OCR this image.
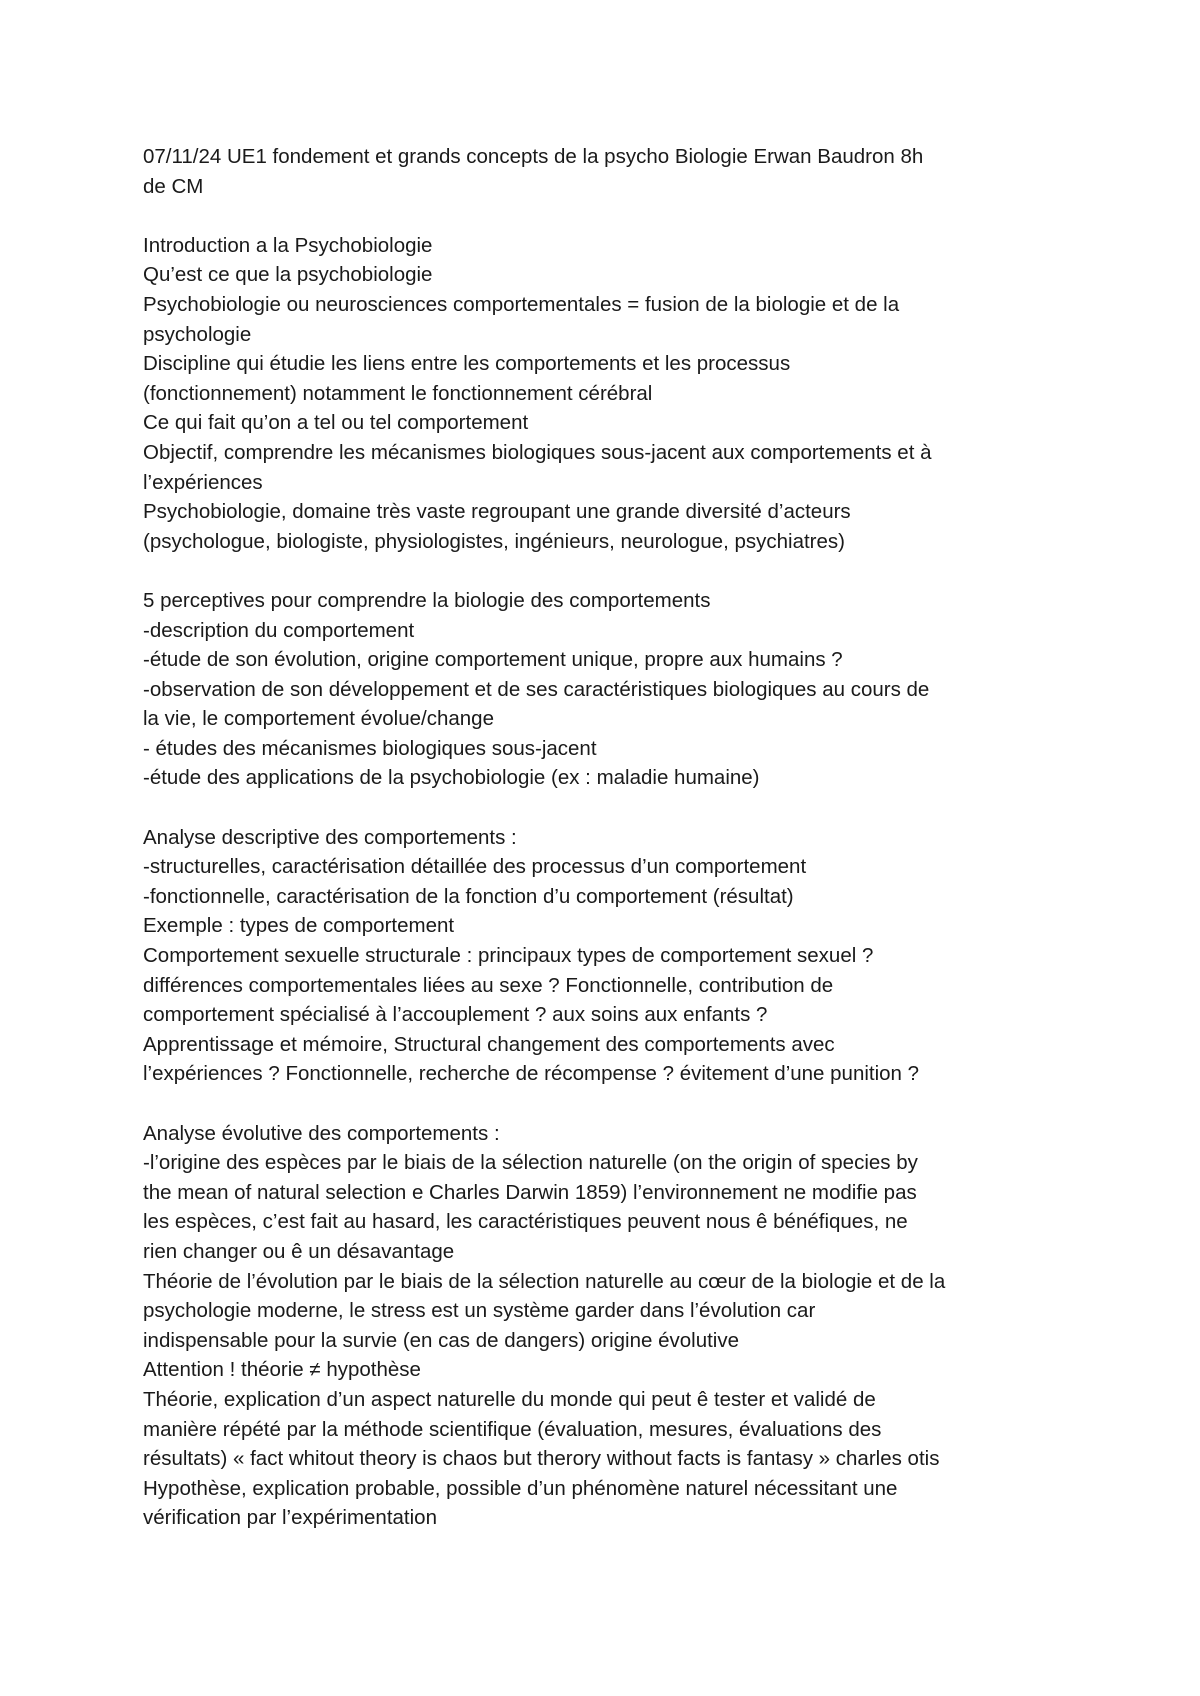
07/11/24 UE1 fondement et grands concepts de la psycho Biologie Erwan Baudron 8h
de CM
Introduction a la Psychobiologie
Qu’est ce que la psychobiologie
Psychobiologie ou neurosciences comportementales = fusion de la biologie et de la
psychologie
Discipline qui étudie les liens entre les comportements et les processus
(fonctionnement) notamment le fonctionnement cérébral
Ce qui fait qu’on a tel ou tel comportement
Objectif, comprendre les mécanismes biologiques sous-jacent aux comportements et à
l’expériences
Psychobiologie, domaine très vaste regroupant une grande diversité d’acteurs
(psychologue, biologiste, physiologistes, ingénieurs, neurologue, psychiatres)
5 perceptives pour comprendre la biologie des comportements
-description du comportement
-étude de son évolution, origine comportement unique, propre aux humains ?
-observation de son développement et de ses caractéristiques biologiques au cours de
la vie, le comportement évolue/change
- études des mécanismes biologiques sous-jacent
-étude des applications de la psychobiologie (ex : maladie humaine)
Analyse descriptive des comportements :
-structurelles, caractérisation détaillée des processus d’un comportement
-fonctionnelle, caractérisation de la fonction d’u comportement (résultat)
Exemple : types de comportement
Comportement sexuelle structurale : principaux types de comportement sexuel ?
différences comportementales liées au sexe ? Fonctionnelle, contribution de
comportement spécialisé à l’accouplement ? aux soins aux enfants ?
Apprentissage et mémoire, Structural changement des comportements avec
l’expériences ? Fonctionnelle, recherche de récompense ? évitement d’une punition ?
Analyse évolutive des comportements :
-l’origine des espèces par le biais de la sélection naturelle (on the origin of species by
the mean of natural selection e Charles Darwin 1859) l’environnement ne modifie pas
les espèces, c’est fait au hasard, les caractéristiques peuvent nous ê bénéfiques, ne
rien changer ou ê un désavantage
Théorie de l’évolution par le biais de la sélection naturelle au cœur de la biologie et de la
psychologie moderne, le stress est un système garder dans l’évolution car
indispensable pour la survie (en cas de dangers) origine évolutive
Attention ! théorie ≠ hypothèse
Théorie, explication d’un aspect naturelle du monde qui peut ê tester et validé de
manière répété par la méthode scientifique (évaluation, mesures, évaluations des
résultats) « fact whitout theory is chaos but therory without facts is fantasy » charles otis
Hypothèse, explication probable, possible d’un phénomène naturel nécessitant une
vérification par l’expérimentation
